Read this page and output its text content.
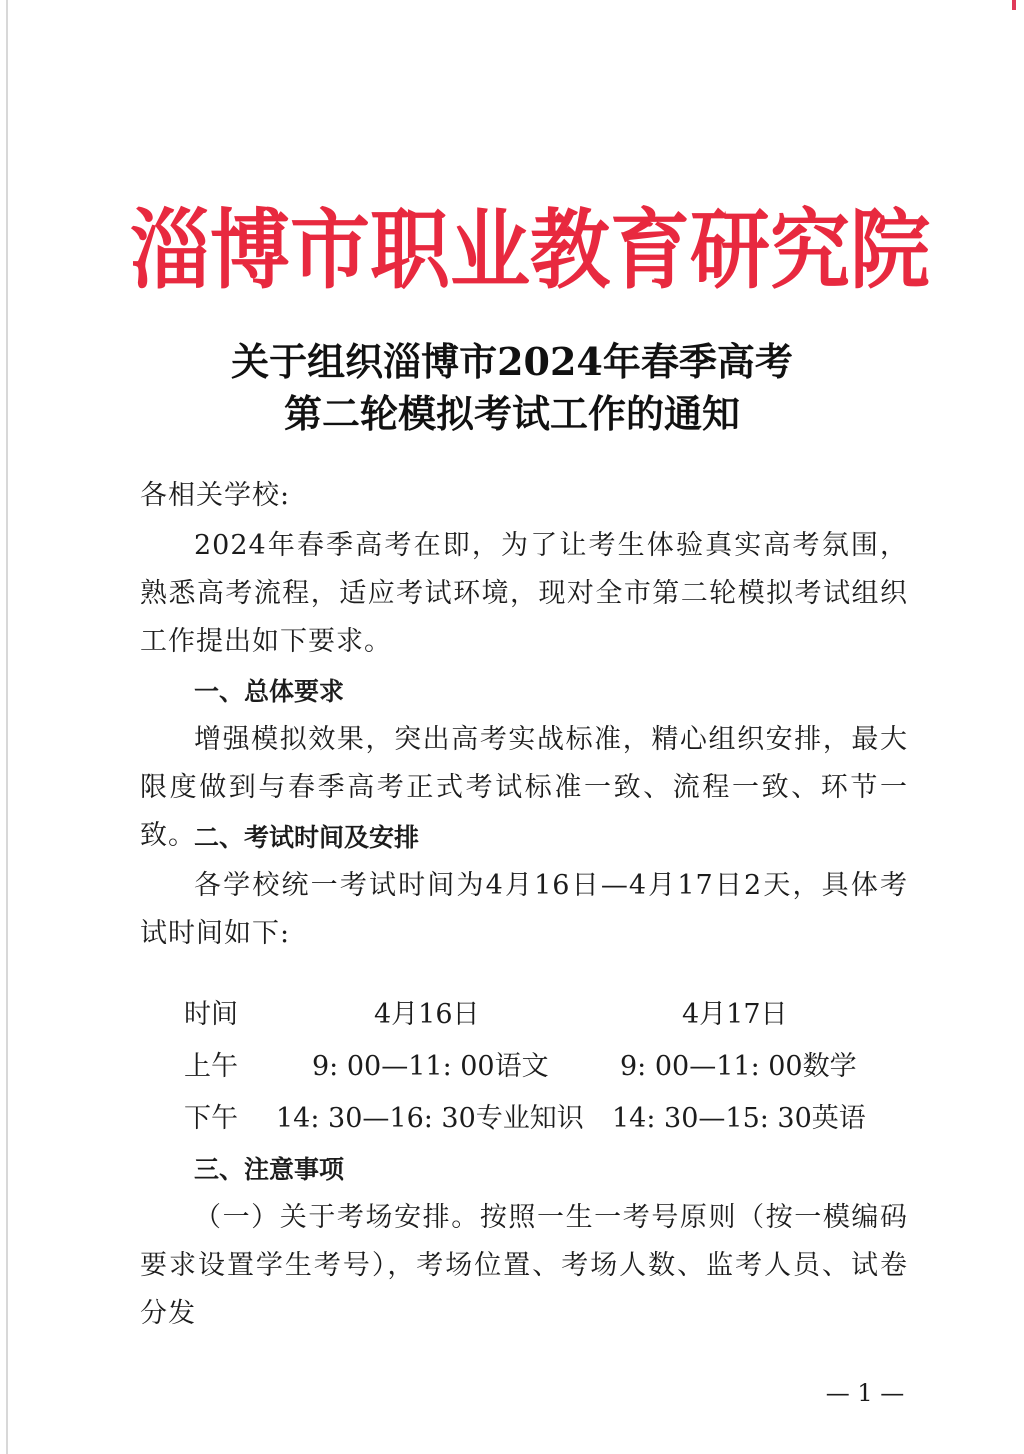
淄博市职业教育研究院
关于组织淄博市2024年春季高考
第二轮模拟考试工作的通知
各相关学校:
2024年春季高考在即，为了让考生体验真实高考氛围，熟悉高考流程，适应考试环境，现对全市第二轮模拟考试组织工作提出如下要求。
一、总体要求
增强模拟效果，突出高考实战标准，精心组织安排，最大限度做到与春季高考正式考试标准一致、流程一致、环节一致。
二、考试时间及安排
各学校统一考试时间为4月16日—4月17日2天，具体考试时间如下:
时间	4月16日	4月17日
上午	9: 00—11: 00语文	9: 00—11: 00数学
下午 14: 30—16: 30专业知识 14: 30—15: 30英语
三、注意事项
（一）关于考场安排。按照一生一考号原则（按一模编码要求设置学生考号），考场位置、考场人数、监考人员、试卷分发
— 1 —
